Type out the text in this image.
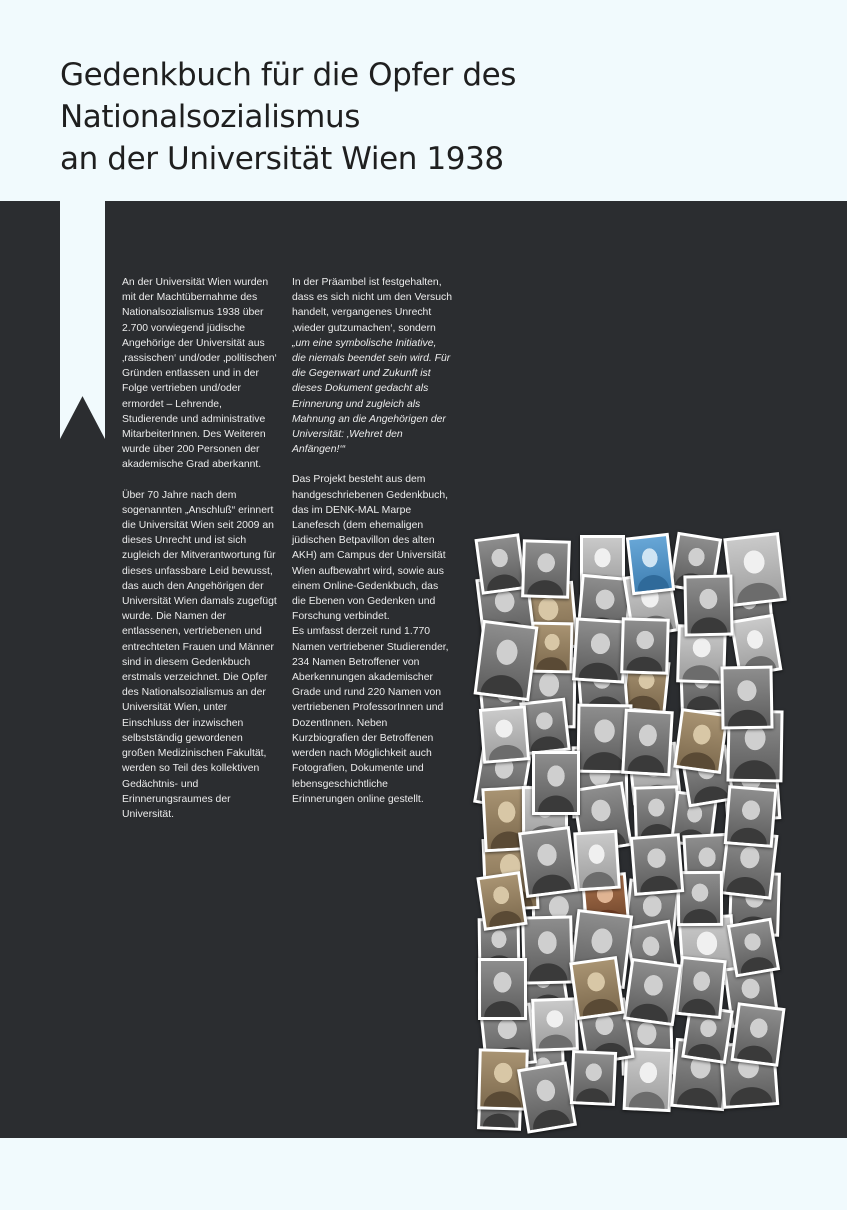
Gedenkbuch für die Opfer des Nationalsozialismus
an der Universität Wien 1938

An der Universität Wien wurden mit der Machtübernahme des Nationalsozialismus 1938 über 2.700 vorwiegend jüdische Angehörige der Universität aus ‚rassischen‘ und/oder ‚politischen‘ Gründen entlassen und in der Folge vertrieben und/oder ermordet – Lehrende, Studierende und administrative MitarbeiterInnen. Des Weiteren wurde über 200 Personen der akademische Grad aberkannt.

Über 70 Jahre nach dem sogenannten „Anschluß“ erinnert die Universität Wien seit 2009 an dieses Unrecht und ist sich zugleich der Mitverantwortung für dieses unfassbare Leid bewusst, das auch den Angehörigen der Universität Wien damals zugefügt wurde. Die Namen der entlassenen, vertriebenen und entrechteten Frauen und Männer sind in diesem Gedenkbuch erstmals verzeichnet. Die Opfer des Nationalsozialismus an der Universität Wien, unter Einschluss der inzwischen selbstständig gewordenen großen Medizinischen Fakultät, werden so Teil des kollektiven Gedächtnis- und Erinnerungsraumes der Universität.

In der Präambel ist festgehalten, dass es sich nicht um den Versuch handelt, vergangenes Unrecht ‚wieder gutzumachen‘, sondern „um eine symbolische Initiative, die niemals beendet sein wird. Für die Gegenwart und Zukunft ist dieses Dokument gedacht als Erinnerung und zugleich als Mahnung an die Angehörigen der Universität: ‚Wehret den Anfängen!‘“

Das Projekt besteht aus dem handgeschriebenen Gedenkbuch, das im DENK-MAL Marpe Lanefesch (dem ehemaligen jüdischen Betpavillon des alten AKH) am Campus der Universität Wien aufbewahrt wird, sowie aus einem Online-Gedenkbuch, das die Ebenen von Gedenken und Forschung verbindet.

Es umfasst derzeit rund 1.770 Namen vertriebener Studierender, 234 Namen Betroffener von Aberkennungen akademischer Grade und rund 220 Namen von vertriebenen ProfessorInnen und DozentInnen. Neben Kurzbiografien der Betroffenen werden nach Möglichkeit auch Fotografien, Dokumente und lebensgeschichtliche Erinnerungen online gestellt.
